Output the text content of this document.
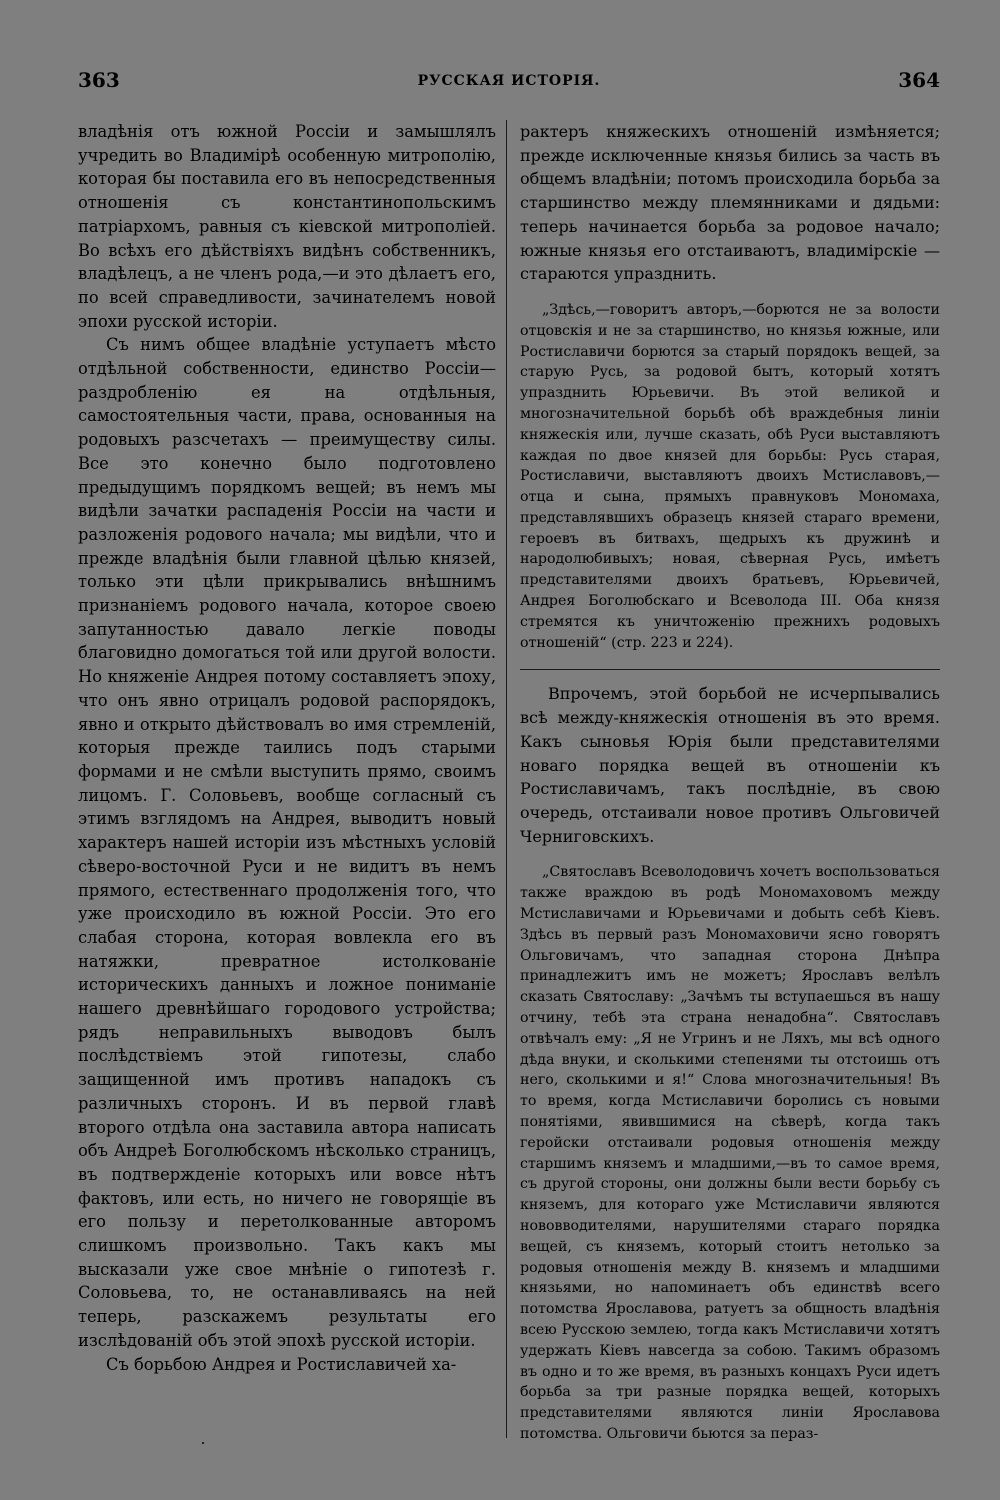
363	РУССКАЯ ИСТОРІЯ.	364

владѣнія отъ южной Россіи и замышлялъ учредить во Владимірѣ особенную митрополію, которая бы поставила его въ непосредственныя отношенія съ константинопольскимъ патріархомъ, равныя съ кіевской митрополіей. Во всѣхъ его дѣйствіяхъ видѣнъ собственникъ, владѣлецъ, а не членъ рода,—и это дѣлаетъ его, по всей справедливости, зачинателемъ новой эпохи русской исторіи.

Съ нимъ общее владѣніе уступаетъ мѣсто отдѣльной собственности, единство Россіи—раздробленію ея на отдѣльныя, самостоятельныя части, права, основанныя на родовыхъ разсчетахъ — преимуществу силы. Все это конечно было подготовлено предыдущимъ порядкомъ вещей; въ немъ мы видѣли зачатки распаденія Россіи на части и разложенія родового начала; мы видѣли, что и прежде владѣнія были главной цѣлью князей, только эти цѣли прикрывались внѣшнимъ признаніемъ родового начала, которое своею запутанностью давало легкіе поводы благовидно домогаться той или другой волости. Но княженіе Андрея потому составляетъ эпоху, что онъ явно отрицалъ родовой распорядокъ, явно и открыто дѣйствовалъ во имя стремленій, которыя прежде таились подъ старыми формами и не смѣли выступить прямо, своимъ лицомъ. Г. Соловьевъ, вообще согласный съ этимъ взглядомъ на Андрея, выводитъ новый характеръ нашей исторіи изъ мѣстныхъ условій сѣверо-восточной Руси и не видитъ въ немъ прямого, естественнаго продолженія того, что уже происходило въ южной Россіи. Это его слабая сторона, которая вовлекла его въ натяжки, превратное истолкованіе историческихъ данныхъ и ложное пониманіе нашего древнѣйшаго городового устройства; рядъ неправильныхъ выводовъ былъ послѣдствіемъ этой гипотезы, слабо защищенной имъ противъ нападокъ съ различныхъ сторонъ. И въ первой главѣ второго отдѣла она заставила автора написать объ Андреѣ Боголюбскомъ нѣсколько страницъ, въ подтвержденіе которыхъ или вовсе нѣтъ фактовъ, или есть, но ничего не говорящіе въ его пользу и перетолкованные авторомъ слишкомъ произвольно. Такъ какъ мы высказали уже свое мнѣніе о гипотезѣ г. Соловьева, то, не останавливаясь на ней теперь, разскажемъ результаты его изслѣдованій объ этой эпохѣ русской исторіи.

Съ борьбою Андрея и Ростиславичей ха-

рактеръ княжескихъ отношеній измѣняется; прежде исключенные князья бились за часть въ общемъ владѣніи; потомъ происходила борьба за старшинство между племянниками и дядьми: теперь начинается борьба за родовое начало; южные князья его отстаиваютъ, владимірскіе — стараются упразднить.

„Здѣсь,—говоритъ авторъ,—борются не за волости отцовскія и не за старшинство, но князья южные, или Ростиславичи борются за старый порядокъ вещей, за старую Русь, за родовой бытъ, который хотятъ упразднить Юрьевичи. Въ этой великой и многозначительной борьбѣ обѣ враждебныя линіи княжескія или, лучше сказать, обѣ Руси выставляютъ каждая по двое князей для борьбы: Русь старая, Ростиславичи, выставляютъ двоихъ Мстиславовъ,—отца и сына, прямыхъ правнуковъ Мономаха, представлявшихъ образецъ князей стараго времени, героевъ въ битвахъ, щедрыхъ къ дружинѣ и народолюбивыхъ; новая, сѣверная Русь, имѣетъ представителями двоихъ братьевъ, Юрьевичей, Андрея Боголюбскаго и Всеволода III. Оба князя стремятся къ уничтоженію прежнихъ родовыхъ отношеній“ (стр. 223 и 224).

Впрочемъ, этой борьбой не исчерпывались всѣ между-княжескія отношенія въ это время. Какъ сыновья Юрія были представителями новаго порядка вещей въ отношеніи къ Ростиславичамъ, такъ послѣдніе, въ свою очередь, отстаивали новое противъ Ольговичей Черниговскихъ.

„Святославъ Всеволодовичъ хочетъ воспользоваться также враждою въ родѣ Мономаховомъ между Мстиславичами и Юрьевичами и добыть себѣ Кіевъ. Здѣсь въ первый разъ Мономаховичи ясно говорятъ Ольговичамъ, что западная сторона Днѣпра принадлежитъ имъ не можетъ; Ярославъ велѣлъ сказать Святославу: „Зачѣмъ ты вступаешься въ нашу отчину, тебѣ эта страна ненадобна“. Святославъ отвѣчалъ ему: „Я не Угринъ и не Ляхъ, мы всѣ одного дѣда внуки, и сколькими степенями ты отстоишь отъ него, сколькими и я!“ Слова многозначительныя! Въ то время, когда Мстиславичи боролись съ новыми понятіями, явившимися на сѣверѣ, когда такъ геройски отстаивали родовыя отношенія между старшимъ княземъ и младшими,—въ то самое время, съ другой стороны, они должны были вести борьбу съ княземъ, для котораго уже Мстиславичи являются нововводителями, нарушителями стараго порядка вещей, съ княземъ, который стоитъ нетолько за родовыя отношенія между В. княземъ и младшими князьями, но напоминаетъ объ единствѣ всего потомства Ярославова, ратуетъ за общность владѣнія всею Русскою землею, тогда какъ Мстиславичи хотятъ удержать Кіевъ навсегда за собою. Такимъ образомъ въ одно и то же время, въ разныхъ концахъ Руси идетъ борьба за три разные порядка вещей, которыхъ представителями являются линіи Ярославова потомства. Ольговичи бьются за пераз-
